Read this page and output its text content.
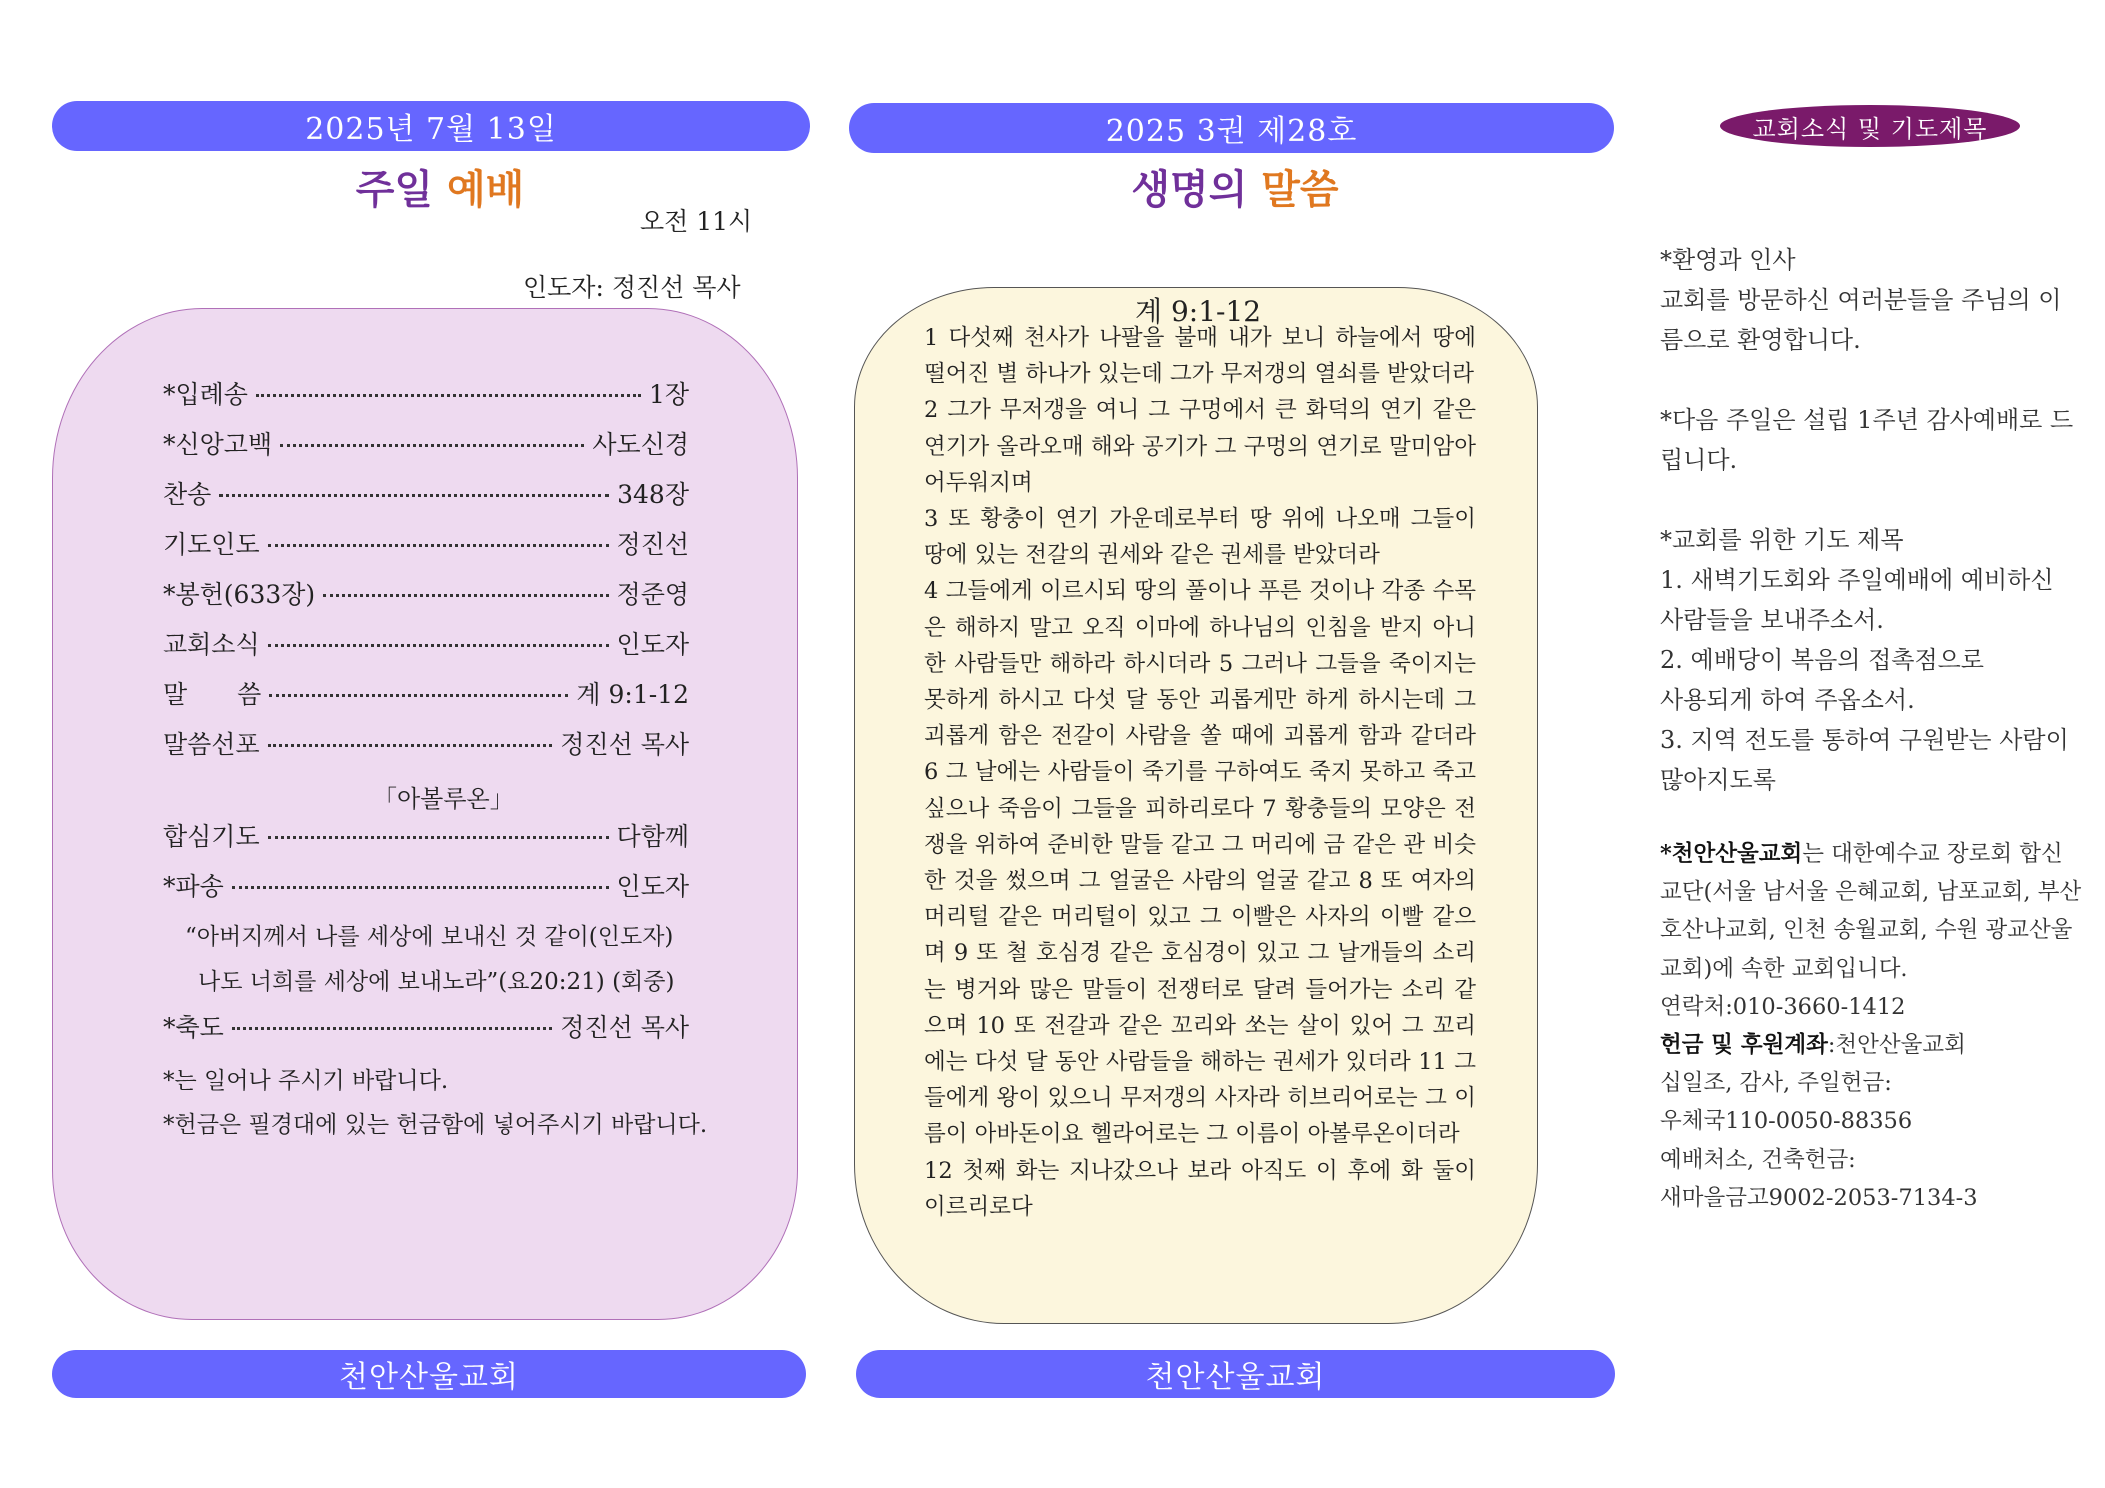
2025년 7월 13일
주일 예배
오전 11시
인도자: 정진선 목사
*입례송	1장
*신앙고백	사도신경
찬송	348장
기도인도	정진선
*봉헌(633장)	정준영
교회소식	인도자
말　　씀	계 9:1-12
말씀선포	정진선 목사
「아볼루온」
합심기도	다함께
*파송	인도자
“아버지께서 나를 세상에 보내신 것 같이(인도자)
나도 너희를 세상에 보내노라”(요20:21) (회중)
*축도	정진선 목사
*는 일어나 주시기 바랍니다.
*헌금은 필경대에 있는 헌금함에 넣어주시기 바랍니다.
천안산울교회
2025 3권 제28호
생명의 말씀
계 9:1-12

1 다섯째 천사가 나팔을 불매 내가 보니 하늘에서 땅에 떨어진 별 하나가 있는데 그가 무저갱의 열쇠를 받았더라

2 그가 무저갱을 여니 그 구멍에서 큰 화덕의 연기 같은 연기가 올라오매 해와 공기가 그 구멍의 연기로 말미암아 어두워지며

3 또 황충이 연기 가운데로부터 땅 위에 나오매 그들이 땅에 있는 전갈의 권세와 같은 권세를 받았더라

4 그들에게 이르시되 땅의 풀이나 푸른 것이나 각종 수목은 해하지 말고 오직 이마에 하나님의 인침을 받지 아니한 사람들만 해하라 하시더라 5 그러나 그들을 죽이지는 못하게 하시고 다섯 달 동안 괴롭게만 하게 하시는데 그 괴롭게 함은 전갈이 사람을 쏠 때에 괴롭게 함과 같더라 6 그 날에는 사람들이 죽기를 구하여도 죽지 못하고 죽고 싶으나 죽음이 그들을 피하리로다 7 황충들의 모양은 전쟁을 위하여 준비한 말들 같고 그 머리에 금 같은 관 비슷한 것을 썼으며 그 얼굴은 사람의 얼굴 같고 8 또 여자의 머리털 같은 머리털이 있고 그 이빨은 사자의 이빨 같으며 9 또 철 호심경 같은 호심경이 있고 그 날개들의 소리는 병거와 많은 말들이 전쟁터로 달려 들어가는 소리 같으며 10 또 전갈과 같은 꼬리와 쏘는 살이 있어 그 꼬리에는 다섯 달 동안 사람들을 해하는 권세가 있더라 11 그들에게 왕이 있으니 무저갱의 사자라 히브리어로는 그 이름이 아바돈이요 헬라어로는 그 이름이 아볼루온이더라

12 첫째 화는 지나갔으나 보라 아직도 이 후에 화 둘이 이르리로다

천안산울교회
교회소식 및 기도제목

*환영과 인사

교회를 방문하신 여러분들을 주님의 이름으로 환영합니다.

*다음 주일은 설립 1주년 감사예배로 드립니다.

*교회를 위한 기도 제목

1. 새벽기도회와 주일예배에 예비하신 사람들을 보내주소서.

2. 예배당이 복음의 접촉점으로

사용되게 하여 주옵소서.

3. 지역 전도를 통하여 구원받는 사람이 많아지도록

*천안산울교회는 대한예수교 장로회 합신 교단(서울 남서울 은혜교회, 남포교회, 부산 호산나교회, 인천 송월교회, 수원 광교산울교회)에 속한 교회입니다.

연락처:010-3660-1412

헌금 및 후원계좌:천안산울교회

십일조, 감사, 주일헌금:

우체국110-0050-88356

예배처소, 건축헌금:

새마을금고9002-2053-7134-3
